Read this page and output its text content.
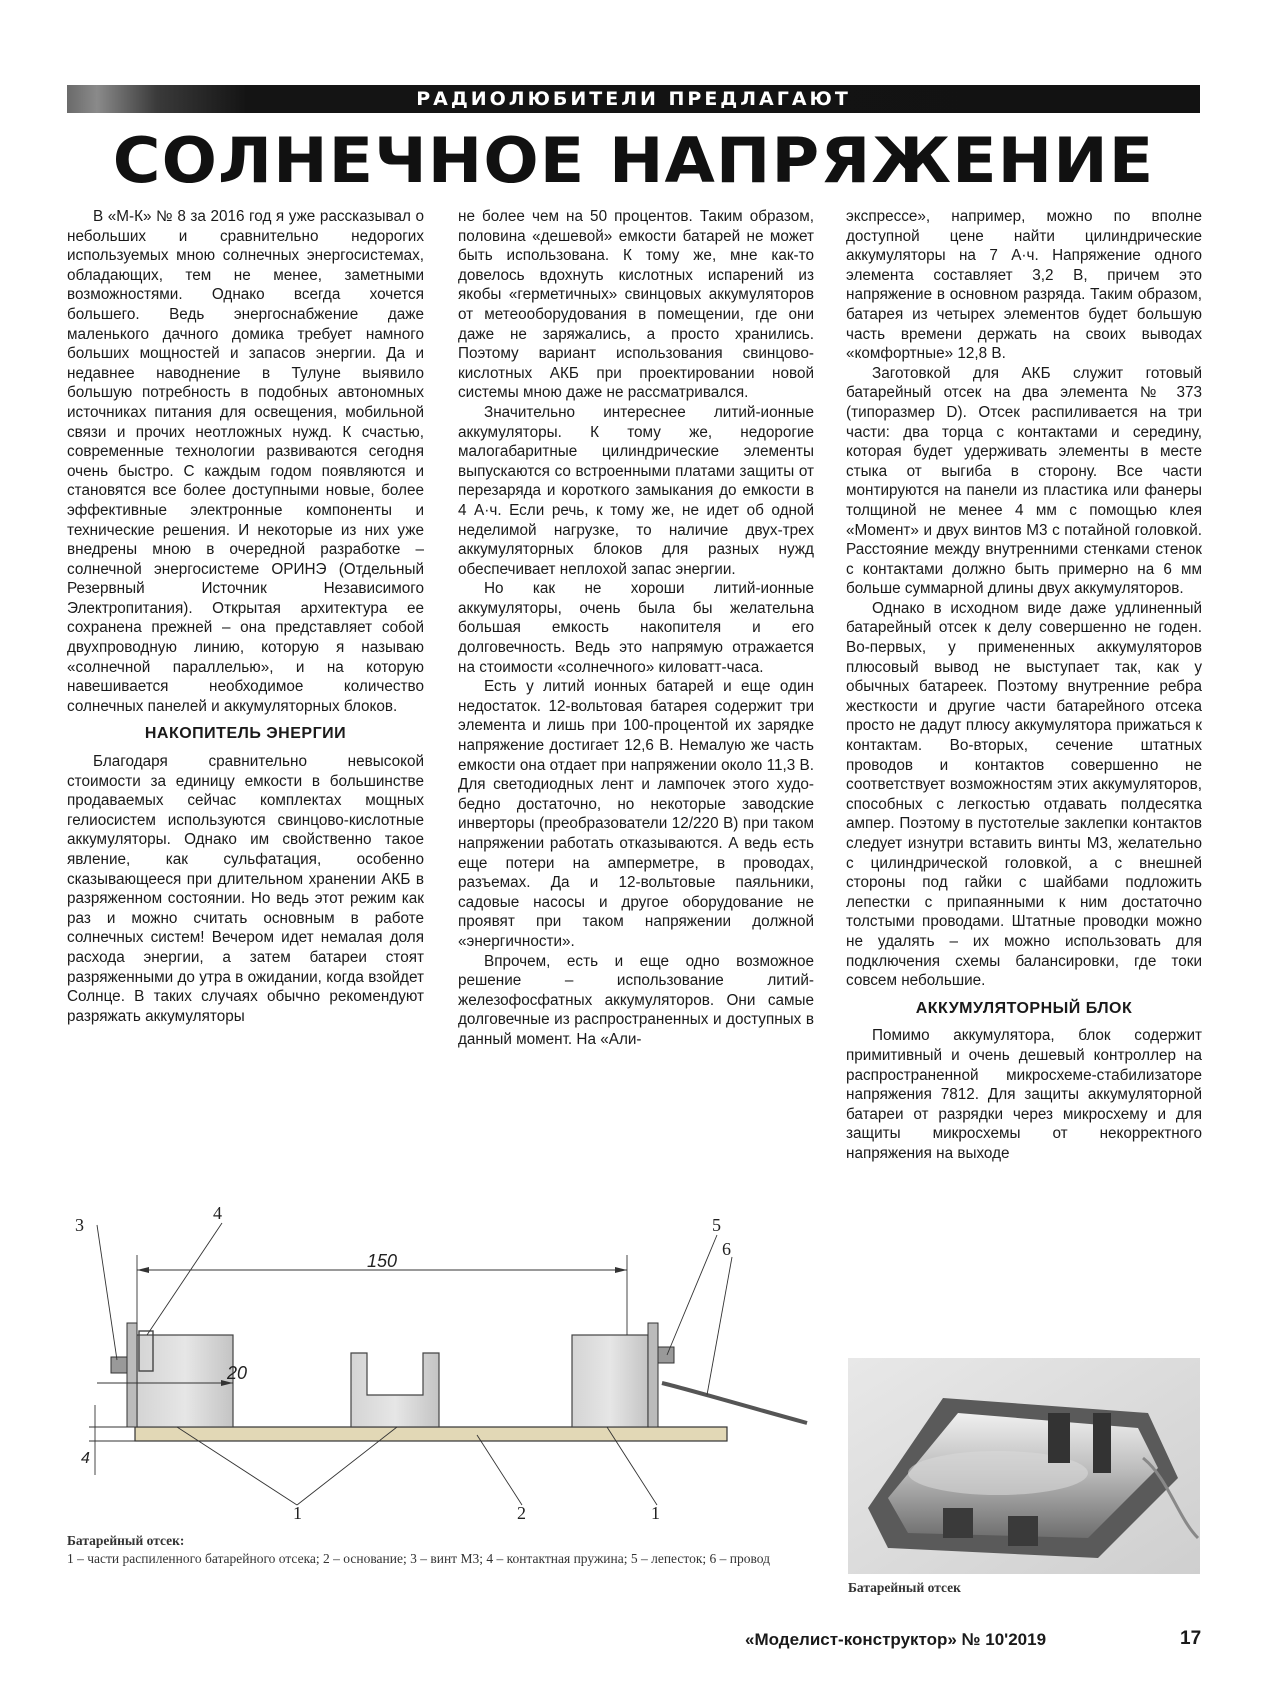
РАДИОЛЮБИТЕЛИ ПРЕДЛАГАЮТ
СОЛНЕЧНОЕ НАПРЯЖЕНИЕ

В «М-К» № 8 за 2016 год я уже рассказывал о небольших и сравнительно недорогих используемых мною солнечных энергосистемах, обладающих, тем не менее, заметными возможностями. Однако всегда хочется большего. Ведь энергоснабжение даже маленького дачного домика требует намного больших мощностей и запасов энергии. Да и недавнее наводнение в Тулуне выявило большую потребность в подобных автономных источниках питания для освещения, мобильной связи и прочих неотложных нужд. К счастью, современные технологии развиваются сегодня очень быстро. С каждым годом появляются и становятся все более доступными новые, более эффективные электронные компоненты и технические решения. И некоторые из них уже внедрены мною в очередной разработке – солнечной энергосистеме ОРИНЭ (Отдельный Резервный Источник Независимого Электропитания). Открытая архитектура ее сохранена прежней – она представляет собой двухпроводную линию, которую я называю «солнечной параллелью», и на которую навешивается необходимое количество солнечных панелей и аккумуляторных блоков.

НАКОПИТЕЛЬ ЭНЕРГИИ

Благодаря сравнительно невысокой стоимости за единицу емкости в большинстве продаваемых сейчас комплектах мощных гелиосистем используются свинцово-кислотные аккумуляторы. Однако им свойственно такое явление, как сульфатация, особенно сказывающееся при длительном хранении АКБ в разряженном состоянии. Но ведь этот режим как раз и можно считать основным в работе солнечных систем! Вечером идет немалая доля расхода энергии, а затем батареи стоят разряженными до утра в ожидании, когда взойдет Солнце. В таких случаях обычно рекомендуют разряжать аккумуляторы

не более чем на 50 процентов. Таким образом, половина «дешевой» емкости батарей не может быть использована. К тому же, мне как-то довелось вдохнуть кислотных испарений из якобы «герметичных» свинцовых аккумуляторов от метеооборудования в помещении, где они даже не заряжались, а просто хранились. Поэтому вариант использования свинцово-кислотных АКБ при проектировании новой системы мною даже не рассматривался.

Значительно интереснее литий-ионные аккумуляторы. К тому же, недорогие малогабаритные цилиндрические элементы выпускаются со встроенными платами защиты от перезаряда и короткого замыкания до емкости в 4 А·ч. Если речь, к тому же, не идет об одной неделимой нагрузке, то наличие двух-трех аккумуляторных блоков для разных нужд обеспечивает неплохой запас энергии.

Но как не хороши литий-ионные аккумуляторы, очень была бы желательна большая емкость накопителя и его долговечность. Ведь это напрямую отражается на стоимости «солнечного» киловатт-часа.

Есть у литий ионных батарей и еще один недостаток. 12-вольтовая батарея содержит три элемента и лишь при 100-процентой их зарядке напряжение достигает 12,6 В. Немалую же часть емкости она отдает при напряжении около 11,3 В. Для светодиодных лент и лампочек этого худо-бедно достаточно, но некоторые заводские инверторы (преобразователи 12/220 В) при таком напряжении работать отказываются. А ведь есть еще потери на амперметре, в проводах, разъемах. Да и 12-вольтовые паяльники, садовые насосы и другое оборудование не проявят при таком напряжении должной «энергичности».

Впрочем, есть и еще одно возможное решение – использование литий-железофосфатных аккумуляторов. Они самые долговечные из распространенных и доступных в данный момент. На «Али-

экспрессе», например, можно по вполне доступной цене найти цилиндрические аккумуляторы на 7 А·ч. Напряжение одного элемента составляет 3,2 В, причем это напряжение в основном разряда. Таким образом, батарея из четырех элементов будет большую часть времени держать на своих выводах «комфортные» 12,8 В.

Заготовкой для АКБ служит готовый батарейный отсек на два элемента № 373 (типоразмер D). Отсек распиливается на три части: два торца с контактами и середину, которая будет удерживать элементы в месте стыка от выгиба в сторону. Все части монтируются на панели из пластика или фанеры толщиной не менее 4 мм с помощью клея «Момент» и двух винтов М3 с потайной головкой. Расстояние между внутренними стенками стенок с контактами должно быть примерно на 6 мм больше суммарной длины двух аккумуляторов.

Однако в исходном виде даже удлиненный батарейный отсек к делу совершенно не годен. Во-первых, у примененных аккумуляторов плюсовый вывод не выступает так, как у обычных батареек. Поэтому внутренние ребра жесткости и другие части батарейного отсека просто не дадут плюсу аккумулятора прижаться к контактам. Во-вторых, сечение штатных проводов и контактов совершенно не соответствует возможностям этих аккумуляторов, способных с легкостью отдавать полдесятка ампер. Поэтому в пустотелые заклепки контактов следует изнутри вставить винты М3, желательно с цилиндрической головкой, а с внешней стороны под гайки с шайбами подложить лепестки с припаянными к ним достаточно толстыми проводами. Штатные проводки можно не удалять – их можно использовать для подключения схемы балансировки, где токи совсем небольшие.

АККУМУЛЯТОРНЫЙ БЛОК

Помимо аккумулятора, блок содержит примитивный и очень дешевый контроллер на распространенной микросхеме-стабилизаторе напряжения 7812. Для защиты аккумуляторной батареи от разрядки через микросхему и для защиты микросхемы от некорректного напряжения на выходе

150
20
4
3
4
5
6
1	2	1
Батарейный отсек:
1 – части распиленного батарейного отсека; 2 – основание; 3 – винт М3; 4 – контактная пружина; 5 – лепесток; 6 – провод
Батарейный отсек
«Моделист-конструктор» № 10'2019	17
